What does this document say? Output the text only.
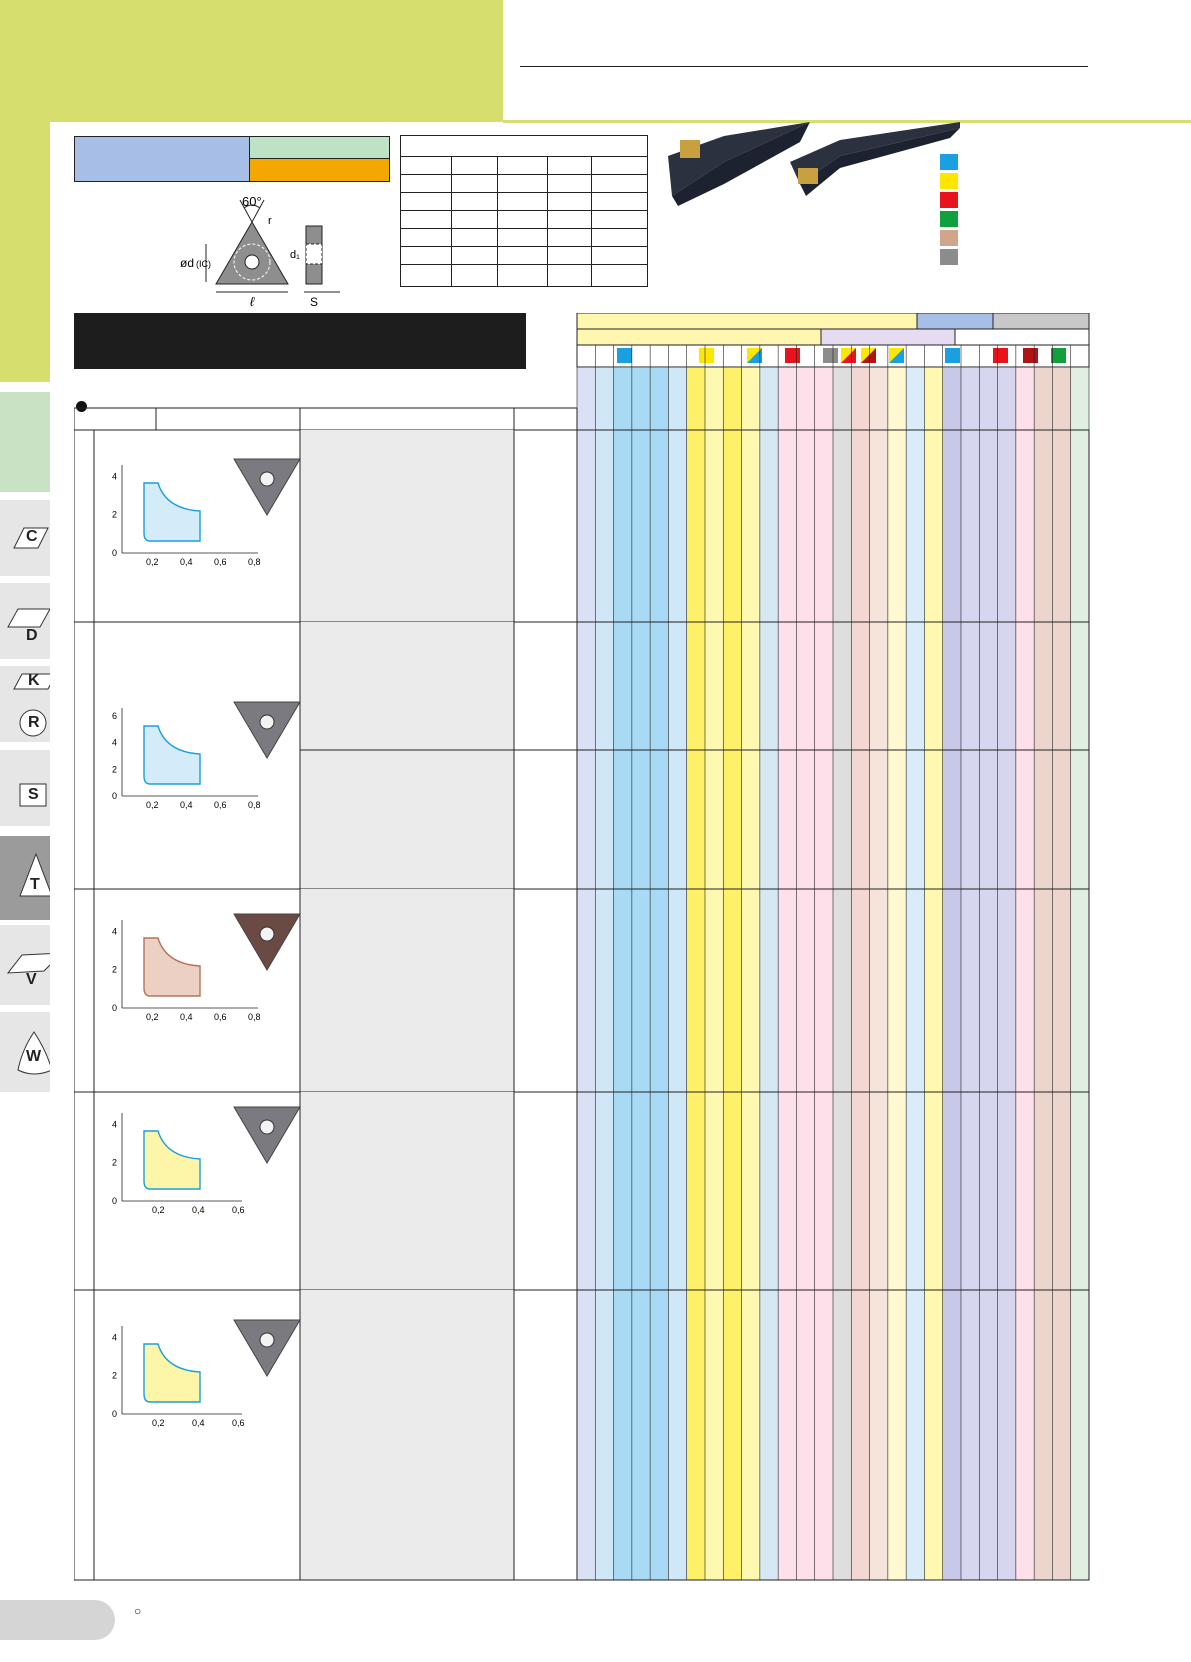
C
D
K
R
S
T
V
W
60°
r
ød (IC)
ℓ
d₁
S
0,2 0,4 0,6 0,8
0
2
4
0,2 0,4 0,6 0,8
0
2
4
6
0,2 0,4 0,6 0,8
0
2
4
0,2	0,4	0,6
0
2
4
0,2	0,4	0,6
0
2
4
○
